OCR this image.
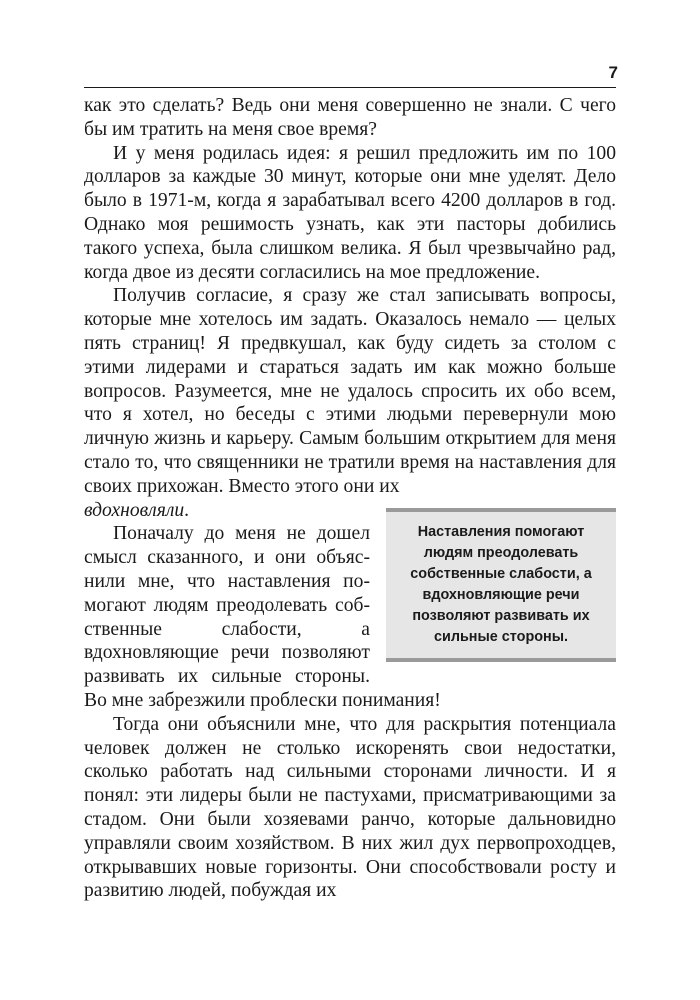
7

как это сделать? Ведь они меня совершенно не знали. С чего бы им тратить на меня свое время?

И у меня родилась идея: я решил предложить им по 100 долларов за каждые 30 минут, которые они мне уделят. Дело было в 1971-м, когда я зарабатывал всего 4200 долларов в год. Однако моя решимость узнать, как эти пасторы добились такого успеха, была слишком велика. Я был чрезвычайно рад, когда двое из десяти согласились на мое предложение.

Получив согласие, я сразу же стал записывать вопросы, которые мне хотелось им задать. Оказалось немало — целых пять страниц! Я предвкушал, как буду сидеть за столом с этими лидерами и стараться задать им как можно больше вопросов. Разумеется, мне не удалось спросить их обо всем, что я хотел, но беседы с этими людьми перевернули мою личную жизнь и карьеру. Самым большим открытием для меня стало то, что священники не тратили время на наставления для своих прихожан. Вместо этого они их

Наставления помогают людям преодолевать собственные слабости, а вдохновляющие речи позволяют развивать их сильные стороны.
вдохновляли.

Поначалу до меня не дошел смысл сказанного, и они объяснили мне, что наставления помогают людям преодолевать собственные слабости, а вдохновляющие речи позволяют развивать их сильные стороны. Во мне забрезжили проблески понимания!

Тогда они объяснили мне, что для раскрытия потенциала человек должен не столько искоренять свои недостатки, сколько работать над сильными сторонами личности. И я понял: эти лидеры были не пастухами, присматривающими за стадом. Они были хозяевами ранчо, которые дальновидно управляли своим хозяйством. В них жил дух первопроходцев, открывавших новые горизонты. Они способствовали росту и развитию людей, побуждая их
